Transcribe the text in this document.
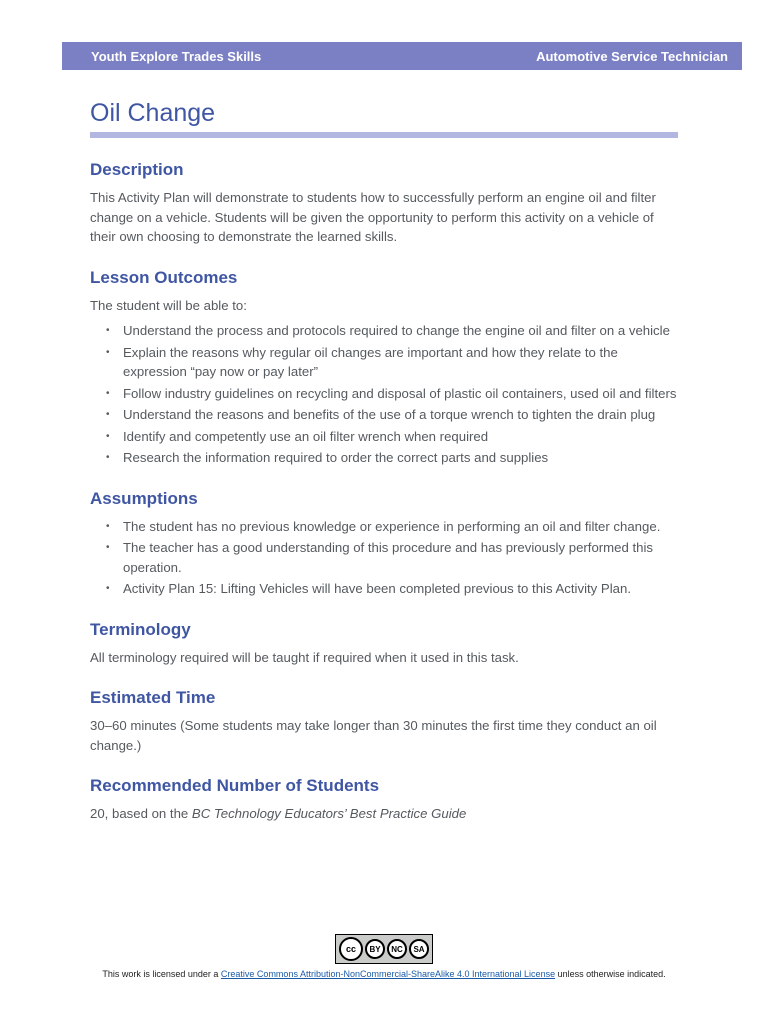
Youth Explore Trades Skills	Automotive Service Technician
Oil Change
Description

This Activity Plan will demonstrate to students how to successfully perform an engine oil and filter change on a vehicle. Students will be given the opportunity to perform this activity on a vehicle of their own choosing to demonstrate the learned skills.

Lesson Outcomes

The student will be able to:

• Understand the process and protocols required to change the engine oil and filter on a vehicle
• Explain the reasons why regular oil changes are important and how they relate to the expression “pay now or pay later”
• Follow industry guidelines on recycling and disposal of plastic oil containers, used oil and filters
• Understand the reasons and benefits of the use of a torque wrench to tighten the drain plug
• Identify and competently use an oil filter wrench when required
• Research the information required to order the correct parts and supplies
Assumptions
• The student has no previous knowledge or experience in performing an oil and filter change.
• The teacher has a good understanding of this procedure and has previously performed this operation.
• Activity Plan 15: Lifting Vehicles will have been completed previous to this Activity Plan.
Terminology

All terminology required will be taught if required when it used in this task.

Estimated Time

30–60 minutes (Some students may take longer than 30 minutes the first time they conduct an oil change.)

Recommended Number of Students

20, based on the BC Technology Educators’ Best Practice Guide

cc	BY	NC	SA
This work is licensed under a Creative Commons Attribution-NonCommercial-ShareAlike 4.0 International License unless otherwise indicated.
